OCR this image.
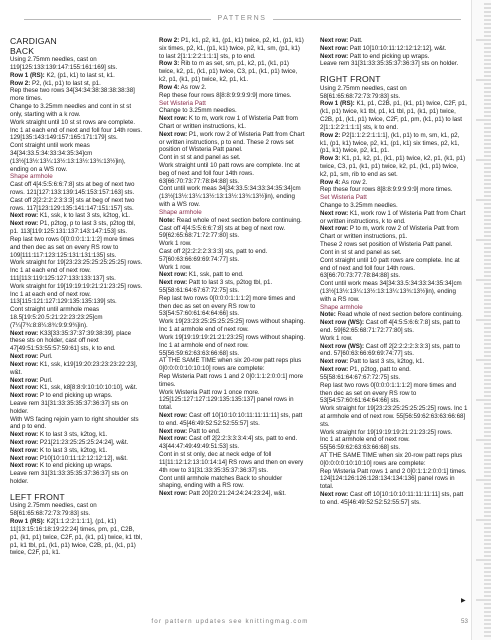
PATTERNS

CARDIGAN

BACK

Using 2.75mm needles, cast on 119[125:133:139:147:155:161:169] sts.

Row 1 (RS): K2, (p1, k1) to last st, k1.

Row 2: P2, (k1, p1) to last st, p1.

Rep these two rows 34[34:34:38:38:38:38:38] more times.

Change to 3.25mm needles and cont in st st only, starting with a k row.

Work straight until 10 st st rows are complete. Inc 1 at each end of next and foll four 14th rows. 129[135:143:149:157:165:171:179] sts.

Cont straight until work meas 34[34:33.5:34:33:34:35:34]cm (13½[13½:13¼:13½:13:13½:13¾:13½]in), ending on a WS row.

Shape armhole

Cast off 4[4:5:5:6:6:7:8] sts at beg of next two rows. 121[127:133:139:145:153:157:163] sts.

Cast off 2[2:2:2:2:3:3:3] sts at beg of next two rows. 117[123:129:135:141:147:151:157] sts.

Next row: K1, ssk, k to last 3 sts, k2tog, k1.

Next row: P1, p2tog, p to last 3 sts, p2tog tbl, p1. 113[119:125:131:137:143:147:153] sts.

Rep last two rows 0[0:0:0:1:1:1:2] more times and then dec as set on every RS row to 109[111:117:123:125:131:131:135] sts.

Work straight for 19[23:23:25:25:25:25:25] rows. Inc 1 at each end of next row. 111[113:119:125:127:133:133:137] sts.

Work straight for 19[19:19:19:21:21:23:25] rows. Inc 1 at each end of next row. 113[115:121:127:129:135:135:139] sts.

Cont straight until armhole meas 18.5[19:5:20.5:21:22:23:23:25]cm (7¼[7¾:8:8¼:8¾:9:9:9¾]in).

Next row: K33[33:35:37:37:39:38:39], place these sts on holder, cast off next 47[49:51:53:55:57:59:61] sts, k to end.

Next row: Purl.

Next row: K1, ssk, k19[19:20:23:23:23:22:23], w&t.

Next row: Purl.

Next row: K1, ssk, k8[8:8:9:10:10:10:10], w&t.

Next row: P to end picking up wraps.

Leave rem 31[31:33:35:35:37:36:37] sts on holder.

With WS facing rejoin yarn to right shoulder sts and p to end.

Next row: K to last 3 sts, k2tog, k1.

Next row: P21[21:23:25:25:25:24:24], w&t.

Next row: K to last 3 sts, k2tog, k1.

Next row: P10[10:10:11:12:12:12:12], w&t.

Next row: K to end picking up wraps.

Leave rem 31[31:33:35:35:37:36:37] sts on holder.

LEFT FRONT

Using 2.75mm needles, cast on 58[61:65:68:72:73:79:83] sts.

Row 1 (RS): K2[1:1:2:2:1:1:1], (p1, k1) 11[13:15:16:18:19:22:24] times, pm, p1, C2B, p1, (k1, p1) twice, C2F, p1, (k1, p1) twice, k1 tbl, p1, k1 tbl, p1, (k1, p1) twice, C2B, p1, (k1, p1) twice, C2F, p1, k1.

Row 2: P1, k1, p2, k1, (p1, k1) twice, p2, k1, (p1, k1) six times, p2, k1, (p1, k1) twice, p2, k1, sm, (p1, k1) to last 2[1:1:2:2:1:1:1] sts, p to end.

Row 3: Rib to m as set, sm, p1, k2, p1, (k1, p1) twice, k2, p1, (k1, p1) twice, C3, p1, (k1, p1) twice, k2, p1, (k1, p1) twice, k2, p1, k1.

Row 4: As row 2.

Rep these four rows 8[8:8:9:9:9:9:9] more times.

Set Wisteria Patt

Change to 3.25mm needles.

Next row: K to m, work row 1 of Wisteria Patt from Chart or written instructions, k1.

Next row: P1, work row 2 of Wisteria Patt from Chart or written instructions, p to end. These 2 rows set position of Wisteria Patt panel.

Cont in st st and panel as set.

Work straight until 10 patt rows are complete. Inc at beg of next and foll four 14th rows. 63[66:70:73:77:78:84:88] sts.

Cont until work meas 34[34:33.5:34:33:34:35:34]cm (13½[13½:13¼:13½:13:13½:13¾:13½]in), ending with a WS row.

Shape armhole

Note: Read whole of next section before continuing.

Cast off 4[4:5:5:6:6:7:8] sts at beg of next row. 59[62:65:68:71:72:77:80] sts.

Work 1 row.

Cast off 2[2:2:2:2:3:3:3] sts, patt to end. 57[60:63:66:69:69:74:77] sts.

Work 1 row.

Next row: K1, ssk, patt to end.

Next row: Patt to last 3 sts, p2tog tbl, p1. 55[58:61:64:67:67:72:75] sts.

Rep last two rows 0[0:0:0:1:1:1:2] more times and then dec as set on every RS row to 53[54:57:60:61:64:64:66] sts.

Work 19[23:23:25:25:25:25:25] rows without shaping.

Inc 1 at armhole end of next row.

Work 19[19:19:19:21:21:23:25] rows without shaping.

Inc 1 at armhole end of next row. 55[56:59:62:63:63:66:68] sts.

AT THE SAME TIME when six 20-row patt reps plus 0[0:0:0:0:10:10:10] rows are complete:

Rep Wisteria Patt rows 1 and 2 0[0:1:1:2:0:0:1] more times.

Work Wisteria Patt row 1 once more. 125[125:127:127:129:135:135:137] panel rows in total.

Next row: Cast off 10[10:10:10:11:11:11:11] sts, patt to end. 45[46:49:52:52:52:55:57] sts.

Next row: Patt to end.

Next row: Cast off 2[2:2:3:3:3:4:4] sts, patt to end. 43[44:47:49:49:49:51:53] sts.

Cont in st st only, dec at neck edge of foll 11[11:12:12:13:10:14:14] RS rows and then on every 4th row to 31[31:33:35:35:37:36:37] sts.

Cont until armhole matches Back to shoulder shaping, ending with a RS row.

Next row: Patt 20[20:21:24:24:24:23:24], w&t.

Next row: Patt.

Next row: Patt 10[10:10:11:12:12:12:12], w&t.

Next row: Patt to end picking up wraps.

Leave rem 31[31:33:35:35:37:36:37] sts on holder.

RIGHT FRONT

Using 2.75mm needles, cast on 58[61:65:68:72:73:79:83] sts.

Row 1 (RS): K1, p1, C2B, p1, (k1, p1) twice, C2F, p1, (k1, p1) twice, k1 tbl, p1, k1 tbl, p1, (k1, p1) twice, C2B, p1, (k1, p1) twice, C2F, p1, pm, (k1, p1) to last 2[1:1:2:2:1:1:1] sts, k to end.

Row 2: P2[1:1:2:2:1:1:1], (k1, p1) to m, sm, k1, p2, k1, (p1, k1) twice, p2, k1, (p1, k1) six times, p2, k1, (p1, k1) twice, p2, k1, p1.

Row 3: K1, p1, k2, p1, (k1, p1) twice, k2, p1, (k1, p1) twice, C3, p1, (k1, p1) twice, k2, p1, (k1, p1) twice, k2, p1, sm, rib to end as set.

Row 4: As row 2.

Rep these four rows 8[8:8:9:9:9:9:9] more times.

Set Wisteria Patt

Change to 3.25mm needles.

Next row: K1, work row 1 of Wisteria Patt from Chart or written instructions, k to end.

Next row: P to m, work row 2 of Wisteria Patt from Chart or written instructions, p1.

These 2 rows set position of Wisteria Patt panel.

Cont in st st and panel as set.

Cont straight until 10 patt rows are complete. Inc at end of next and foll four 14th rows. 63[66:70:73:77:78:84:88] sts.

Cont until work meas 34[34:33.5:34:33:34:35:34]cm (13½[13½:13¼:13½:13:13¼:13¾:13½]in), ending with a RS row.

Shape armhole

Note: Read whole of next section before continuing.

Next row (WS): Cast off 4[4:5:5:6:6:7:8] sts, patt to end. 59[62:65:68:71:72:77:80] sts.

Work 1 row.

Next row (WS): Cast off 2[2:2:2:2:3:3:3] sts, patt to end. 57[60:63:66:69:69:74:77] sts.

Next row: Patt to last 3 sts, k2tog, k1.

Next row: P1, p2tog, patt to end. 55[58:61:64:67:67:72:75] sts.

Rep last two rows 0[0:0:0:1:1:1:2] more times and then dec as set on every RS row to 53[54:57:60:61:64:64:66] sts.

Work straight for 19[23:23:25:25:25:25:25] rows. Inc 1 at armhole end of next row. 55[56:59:62:63:63:66:68] sts.

Work straight for 19[19:19:19:21:21:23:25] rows.

Inc 1 at armhole end of next row. 55[56:59:62:63:63:66:68] sts.

AT THE SAME TIME when six 20-row patt reps plus 0[0:0:0:0:10:10:10] rows are complete:

Rep Wisteria Patt rows 1 and 2 0[0:1:1:2:0:0:1] times.

124[124:126:126:128:134:134:136] panel rows in total.

Next row: Cast off 10[10:10:10:11:11:11:11] sts, patt to end. 45[46:49:52:52:52:55:57] sts.

▶
for pattern updates see knittingmag.com	53
